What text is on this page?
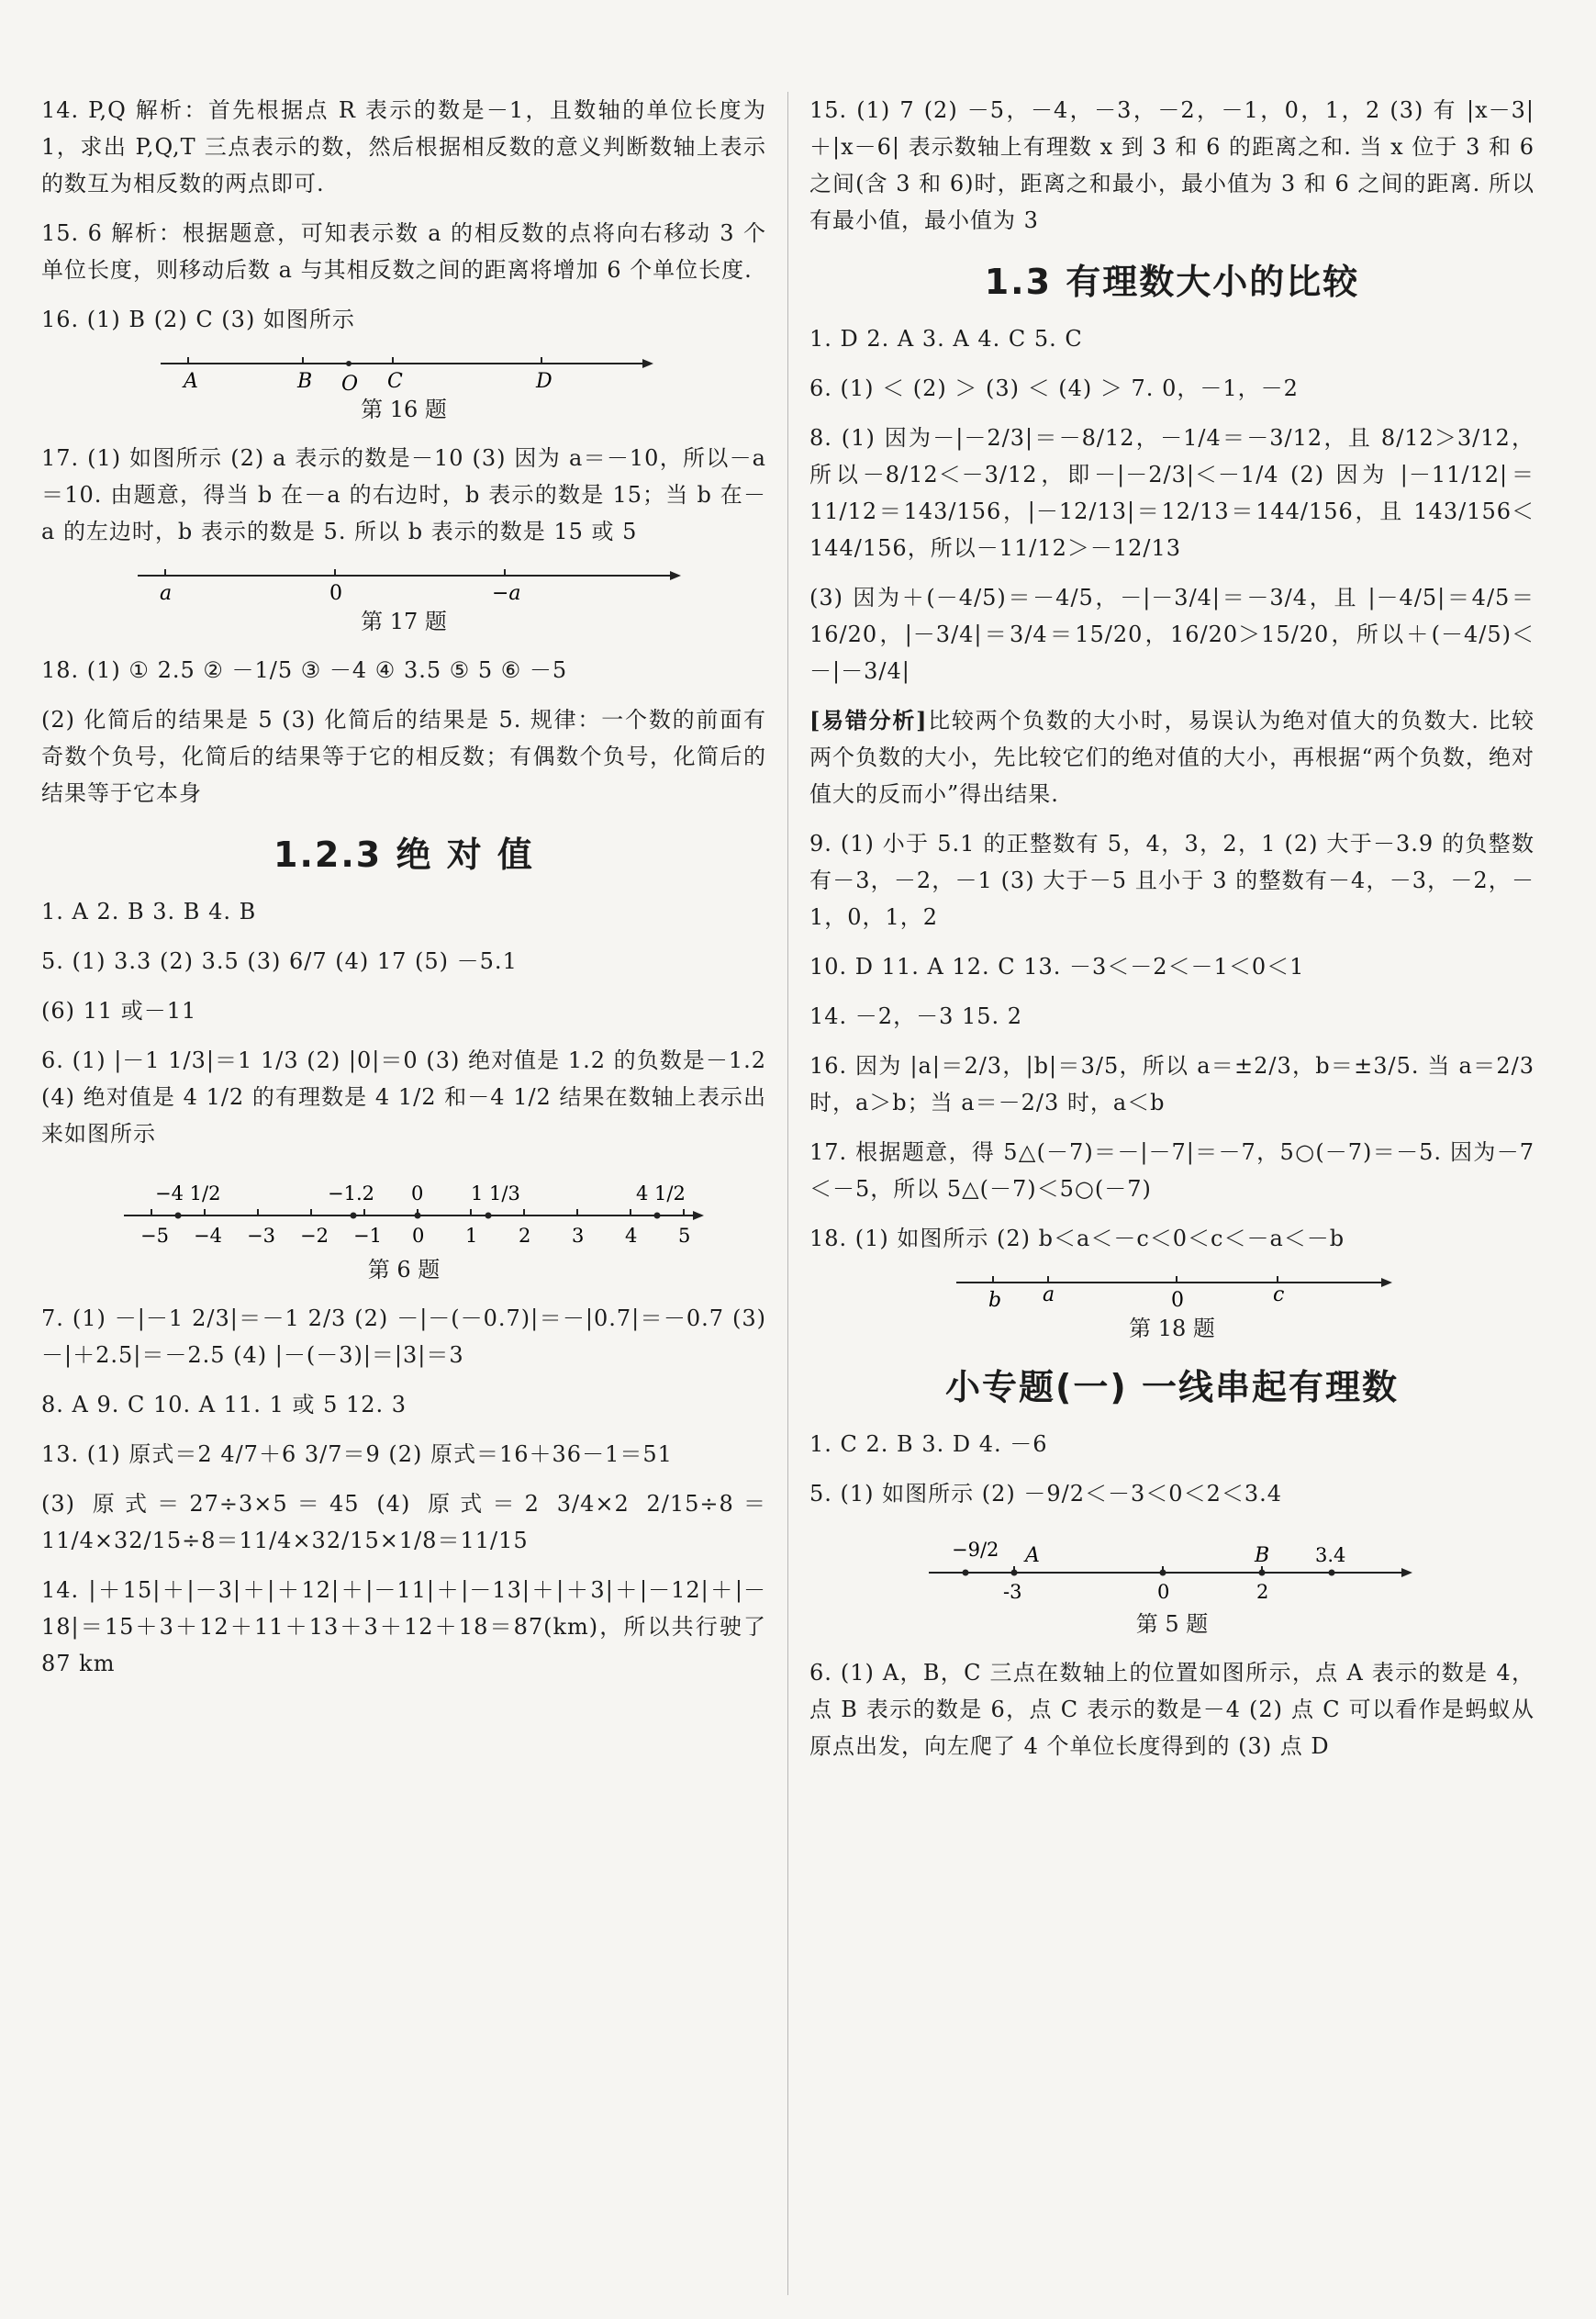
14. P,Q 解析：首先根据点 R 表示的数是－1，且数轴的单位长度为 1，求出 P,Q,T 三点表示的数，然后根据相反数的意义判断数轴上表示的数互为相反数的两点即可.

15. 6 解析：根据题意，可知表示数 a 的相反数的点将向右移动 3 个单位长度，则移动后数 a 与其相反数之间的距离将增加 6 个单位长度.

16. (1) B (2) C (3) 如图所示

A	B O C	D
第 16 题

17. (1) 如图所示 (2) a 表示的数是－10 (3) 因为 a＝－10，所以－a＝10. 由题意，得当 b 在－a 的右边时，b 表示的数是 15；当 b 在－a 的左边时，b 表示的数是 5. 所以 b 表示的数是 15 或 5

a	0	−a
第 17 题

18. (1) ① 2.5 ② －1/5 ③ －4 ④ 3.5 ⑤ 5 ⑥ －5

(2) 化简后的结果是 5 (3) 化简后的结果是 5. 规律：一个数的前面有奇数个负号，化简后的结果等于它的相反数；有偶数个负号，化简后的结果等于它本身

1.2.3 绝 对 值

1. A 2. B 3. B 4. B

5. (1) 3.3 (2) 3.5 (3) 6/7 (4) 17 (5) －5.1

(6) 11 或－11

6. (1) |－1 1/3|＝1 1/3 (2) |0|＝0 (3) 绝对值是 1.2 的负数是－1.2 (4) 绝对值是 4 1/2 的有理数是 4 1/2 和－4 1/2 结果在数轴上表示出来如图所示

−4 1/2	−1.2 0 1 1/3	4 1/2
−5 −4 −3 −2 −1 0 1 2 3 4 5
第 6 题

7. (1) －|－1 2/3|＝－1 2/3 (2) －|－(－0.7)|＝－|0.7|＝－0.7 (3) －|＋2.5|＝－2.5 (4) |－(－3)|＝|3|＝3

8. A 9. C 10. A 11. 1 或 5 12. 3

13. (1) 原式＝2 4/7＋6 3/7＝9 (2) 原式＝16＋36－1＝51

(3) 原式＝27÷3×5＝45 (4) 原式＝2 3/4×2 2/15÷8＝11/4×32/15÷8＝11/4×32/15×1/8＝11/15

14. |＋15|＋|－3|＋|＋12|＋|－11|＋|－13|＋|＋3|＋|－12|＋|－18|＝15＋3＋12＋11＋13＋3＋12＋18＝87(km)，所以共行驶了 87 km

15. (1) 7 (2) －5，－4，－3，－2，－1，0，1，2 (3) 有 |x－3|＋|x－6| 表示数轴上有理数 x 到 3 和 6 的距离之和. 当 x 位于 3 和 6 之间(含 3 和 6)时，距离之和最小，最小值为 3 和 6 之间的距离. 所以有最小值，最小值为 3

1.3 有理数大小的比较

1. D 2. A 3. A 4. C 5. C

6. (1) ＜ (2) ＞ (3) ＜ (4) ＞ 7. 0，－1，－2

8. (1) 因为－|－2/3|＝－8/12，－1/4＝－3/12，且 8/12＞3/12，所以－8/12＜－3/12，即－|－2/3|＜－1/4 (2) 因为 |－11/12|＝11/12＝143/156，|－12/13|＝12/13＝144/156，且 143/156＜144/156，所以－11/12＞－12/13

(3) 因为＋(－4/5)＝－4/5，－|－3/4|＝－3/4，且 |－4/5|＝4/5＝16/20，|－3/4|＝3/4＝15/20，16/20＞15/20，所以＋(－4/5)＜－|－3/4|

[易错分析]比较两个负数的大小时，易误认为绝对值大的负数大. 比较两个负数的大小，先比较它们的绝对值的大小，再根据“两个负数，绝对值大的反而小”得出结果.

9. (1) 小于 5.1 的正整数有 5，4，3，2，1 (2) 大于－3.9 的负整数有－3，－2，－1 (3) 大于－5 且小于 3 的整数有－4，－3，－2，－1，0，1，2

10. D 11. A 12. C 13. －3＜－2＜－1＜0＜1

14. －2，－3 15. 2

16. 因为 |a|＝2/3，|b|＝3/5，所以 a＝±2/3，b＝±3/5. 当 a＝2/3 时，a＞b；当 a＝－2/3 时，a＜b

17. 根据题意，得 5△(－7)＝－|－7|＝－7，5○(－7)＝－5. 因为－7＜－5，所以 5△(－7)＜5○(－7)

18. (1) 如图所示 (2) b＜a＜－c＜0＜c＜－a＜－b

b a	0	c
第 18 题
小专题(一) 一线串起有理数

1. C 2. B 3. D 4. －6

5. (1) 如图所示 (2) －9/2＜－3＜0＜2＜3.4

−9/2 A	B 3.4
-3	0	2
第 5 题

6. (1) A，B，C 三点在数轴上的位置如图所示，点 A 表示的数是 4，点 B 表示的数是 6，点 C 表示的数是－4 (2) 点 C 可以看作是蚂蚁从原点出发，向左爬了 4 个单位长度得到的 (3) 点 D
